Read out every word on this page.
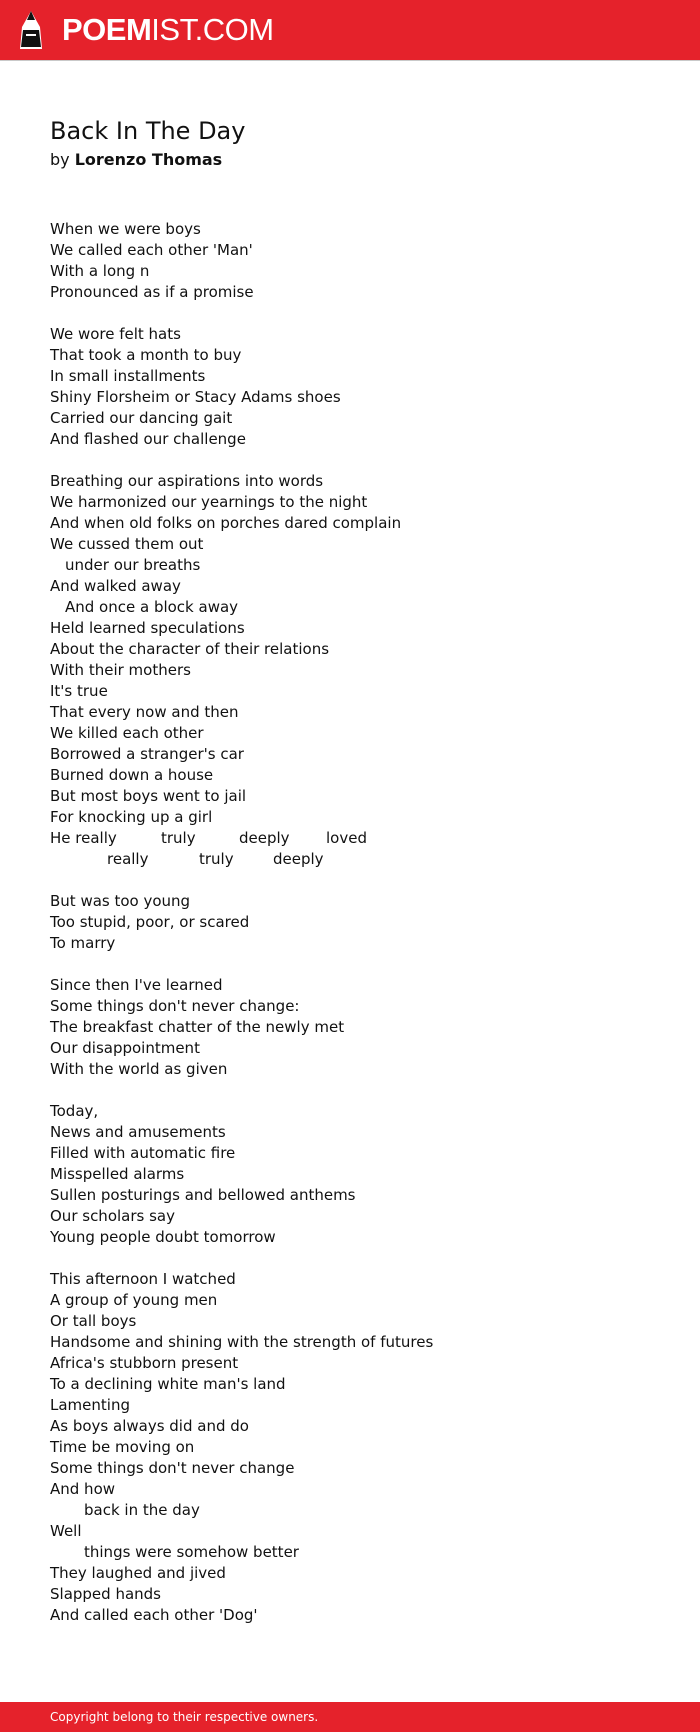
POEMIST.COM
Back In The Day
by Lorenzo Thomas
When we were boys
We called each other 'Man'
With a long n
Pronounced as if a promise
We wore felt hats
That took a month to buy
In small installments
Shiny Florsheim or Stacy Adams shoes
Carried our dancing gait
And flashed our challenge
Breathing our aspirations into words
We harmonized our yearnings to the night
And when old folks on porches dared complain
We cussed them out
under our breaths
And walked away
And once a block away
Held learned speculations
About the character of their relations
With their mothers
It's true
That every now and then
We killed each other
Borrowed a stranger's car
Burned down a house
But most boys went to jail
For knocking up a girl
He really	truly	deeply loved
really	truly	deeply
But was too young
Too stupid, poor, or scared
To marry
Since then I've learned
Some things don't never change:
The breakfast chatter of the newly met
Our disappointment
With the world as given
Today,
News and amusements
Filled with automatic fire
Misspelled alarms
Sullen posturings and bellowed anthems
Our scholars say
Young people doubt tomorrow
This afternoon I watched
A group of young men
Or tall boys
Handsome and shining with the strength of futures
Africa's stubborn present
To a declining white man's land
Lamenting
As boys always did and do
Time be moving on
Some things don't never change
And how
back in the day
Well
things were somehow better
They laughed and jived
Slapped hands
And called each other 'Dog'
Copyright belong to their respective owners.
